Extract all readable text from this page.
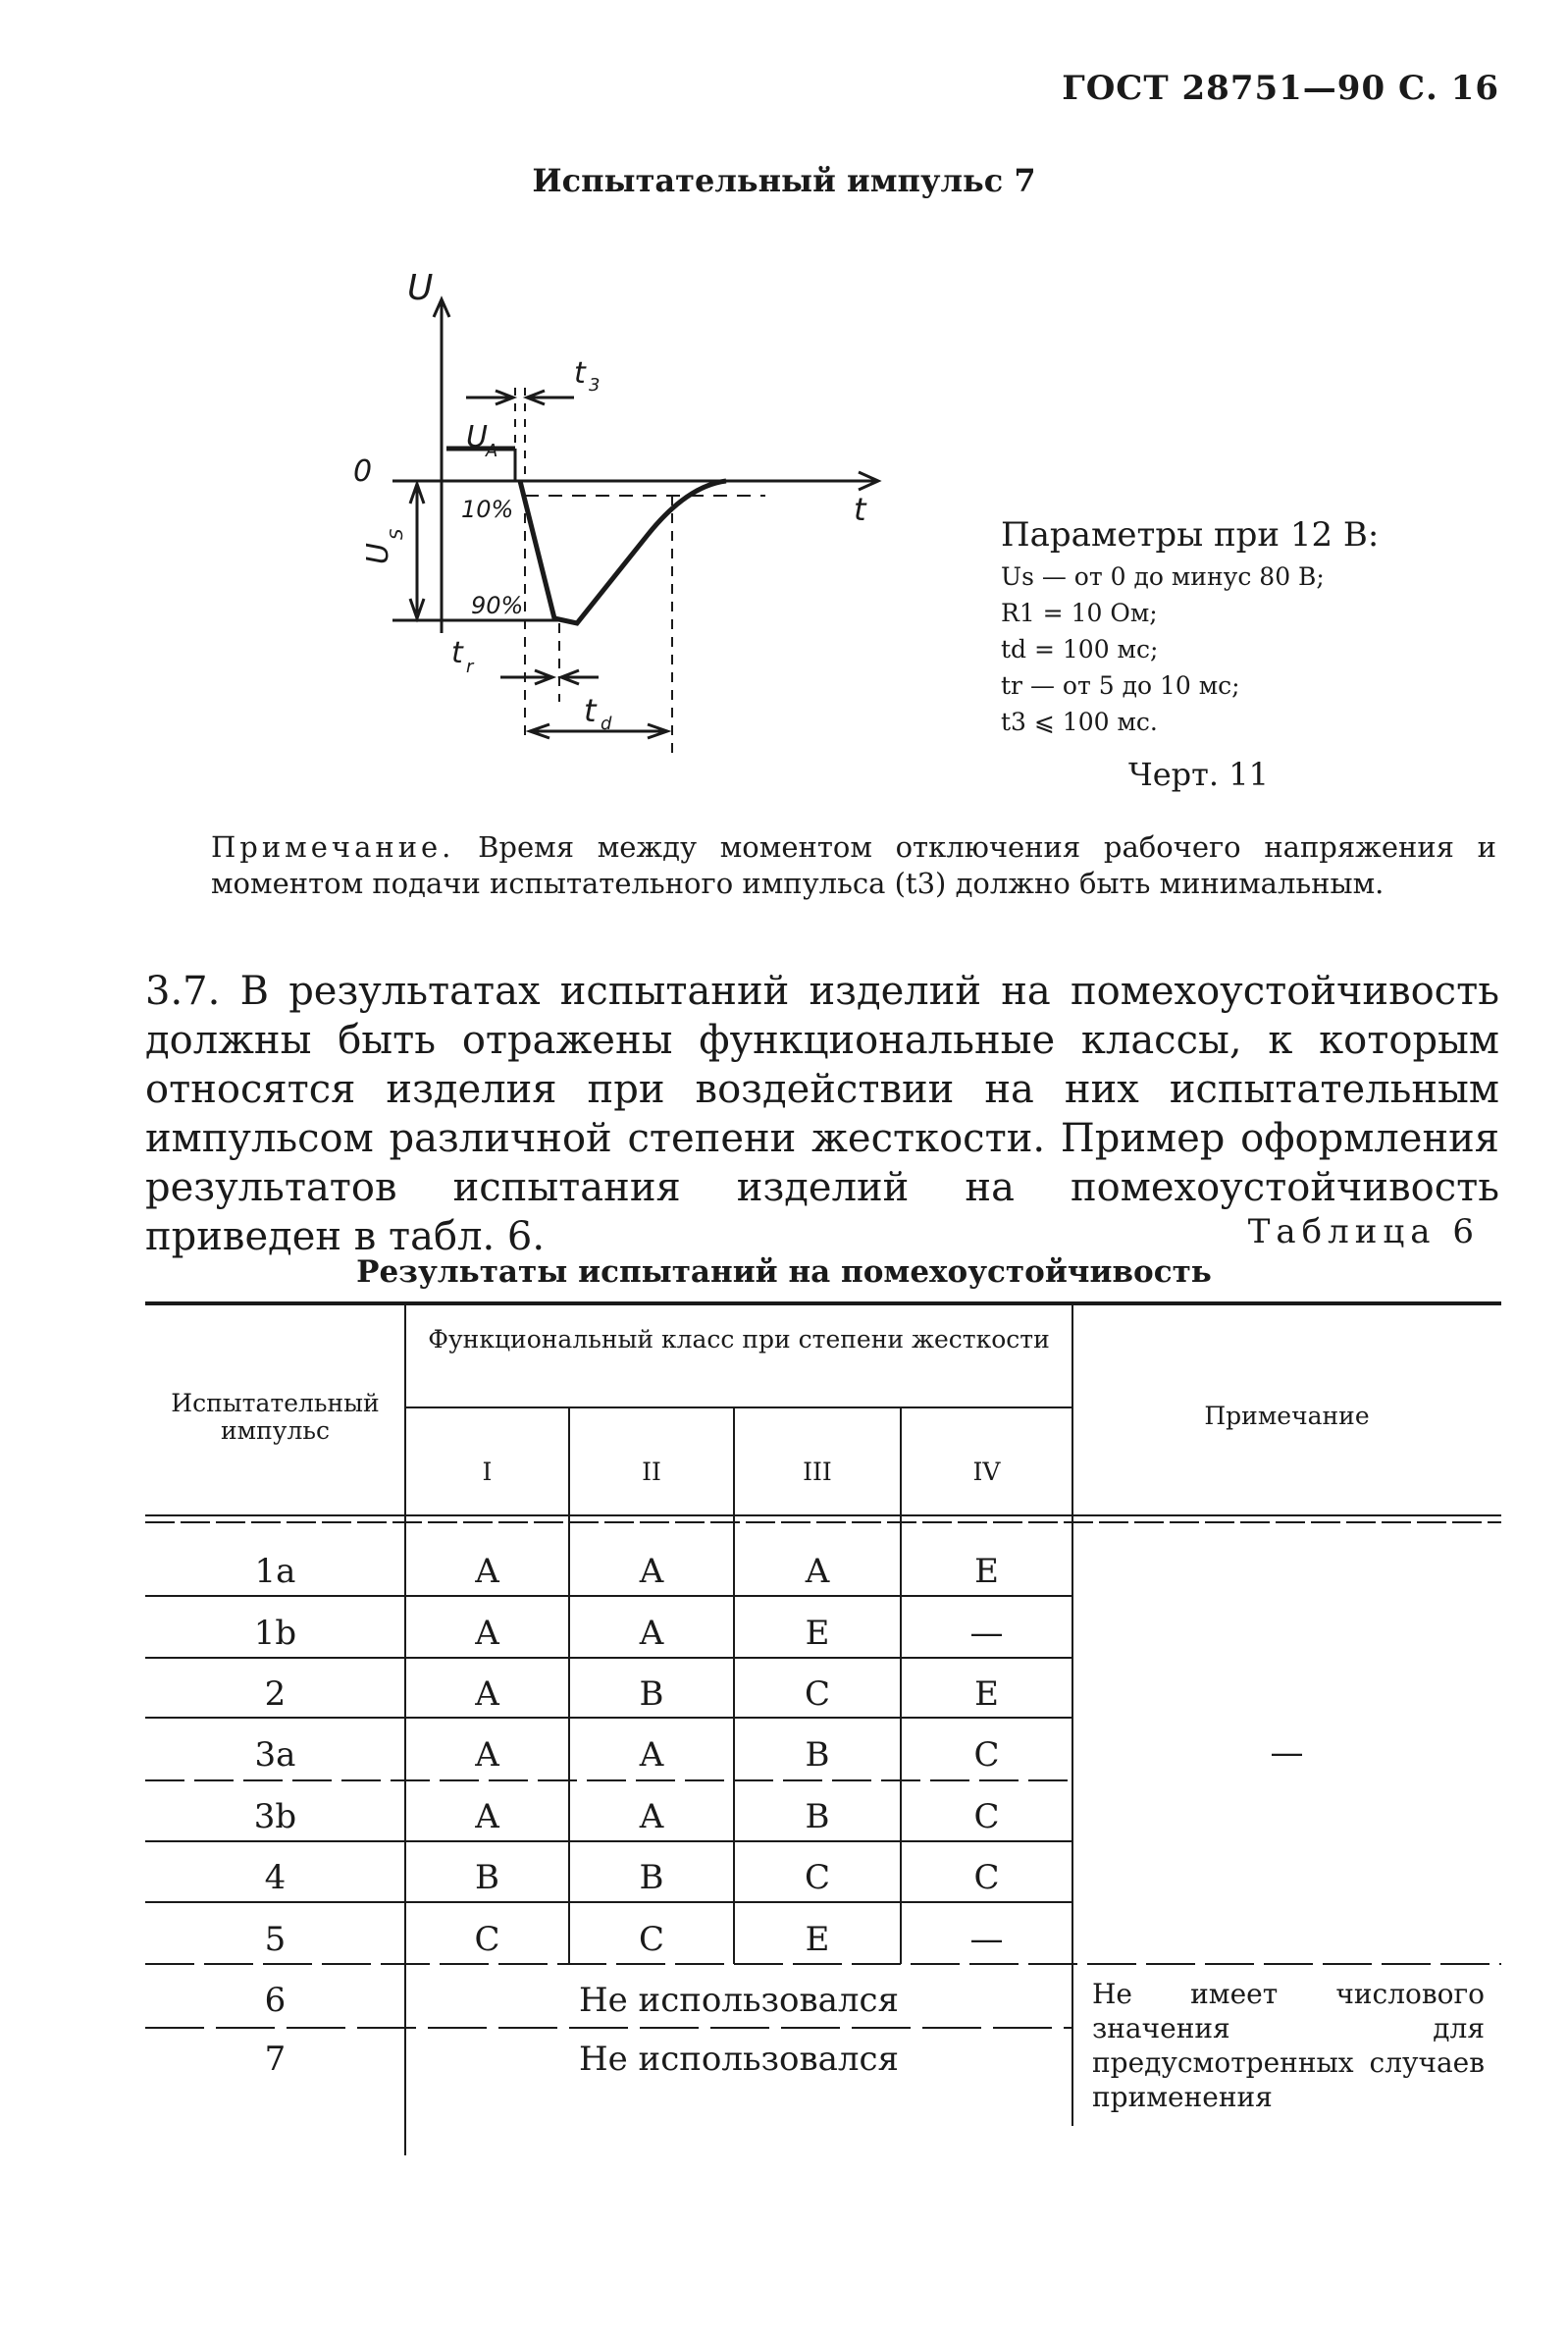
ГОСТ 28751—90 С. 16
Испытательный импульс 7
U
0
U
A
U
S
10%
90%
t
t 3
t r
t d
Параметры при 12 В:
Us — от 0 до минус 80 В;
R1 = 10 Ом;
td = 100 мс;
tr — от 5 до 10 мс;
t3 ⩽ 100 мс.
Черт. 11
Примечание. Время между моментом отключения рабочего напряжения и моментом подачи испытательного импульса (t3) должно быть минимальным.
3.7. В результатах испытаний изделий на помехоустойчивость должны быть отражены функциональные классы, к которым относятся изделия при воздействии на них испытательным импульсом различной степени жесткости. Пример оформления результатов испытания изделий на помехоустойчивость приведен в табл. 6.	Таблица 6
Результаты испытаний на помехоустойчивость
Испытательный импульс
Функциональный класс при степени жесткости
Примечание
I	II	III	IV
1a	A	A	A	E
1b	A	A	E	—
2	A	B	C	E
3a	A	A	B	C
3b	A	A	B	C
4	B	B	C	C
5	C	C	E	—
—
6	Не использовался
7	Не использовался
Не имеет числового значения для предусмотренных случаев применения
